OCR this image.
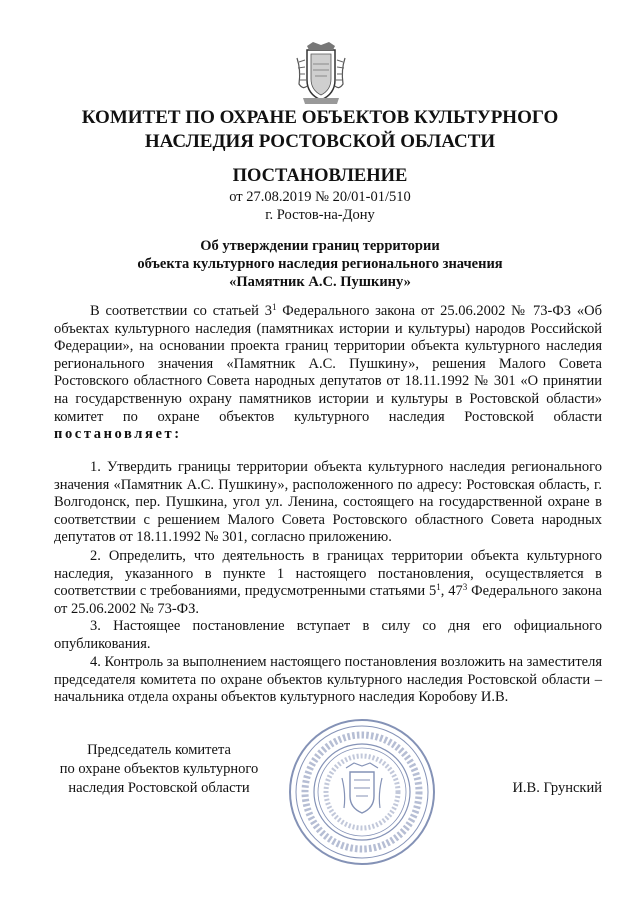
КОМИТЕТ ПО ОХРАНЕ ОБЪЕКТОВ КУЛЬТУРНОГО
НАСЛЕДИЯ РОСТОВСКОЙ ОБЛАСТИ
ПОСТАНОВЛЕНИЕ
от 27.08.2019 № 20/01-01/510
г. Ростов-на-Дону
Об утверждении границ территории
объекта культурного наследия регионального значения
«Памятник А.С. Пушкину»
В соответствии со статьей $3^1$ Федерального закона от 25.06.2002 № 73-ФЗ «Об объектах культурного наследия (памятниках истории и культуры) народов Российской Федерации», на основании проекта границ территории объекта культурного наследия регионального значения «Памятник А.С. Пушкину», решения Малого Совета Ростовского областного Совета народных депутатов от 18.11.1992 № 301 «О принятии на государственную охрану памятников истории и культуры в Ростовской области» комитет по охране объектов культурного наследия Ростовской области постановляет:
1. Утвердить границы территории объекта культурного наследия регионального значения «Памятник А.С. Пушкину», расположенного по адресу: Ростовская область, г. Волгодонск, пер. Пушкина, угол ул. Ленина, состоящего на государственной охране в соответствии с решением Малого Совета Ростовского областного Совета народных депутатов от 18.11.1992 № 301, согласно приложению.
2. Определить, что деятельность в границах территории объекта культурного наследия, указанного в пункте 1 настоящего постановления, осуществляется в соответствии с требованиями, предусмотренными статьями $5^1$, $47^3$ Федерального закона от 25.06.2002 № 73-ФЗ.
3. Настоящее постановление вступает в силу со дня его официального опубликования.
4. Контроль за выполнением настоящего постановления возложить на заместителя председателя комитета по охране объектов культурного наследия Ростовской области – начальника отдела охраны объектов культурного наследия Коробову И.В.
Председатель комитета
по охране объектов культурного
наследия Ростовской области	И.В. Грунский
